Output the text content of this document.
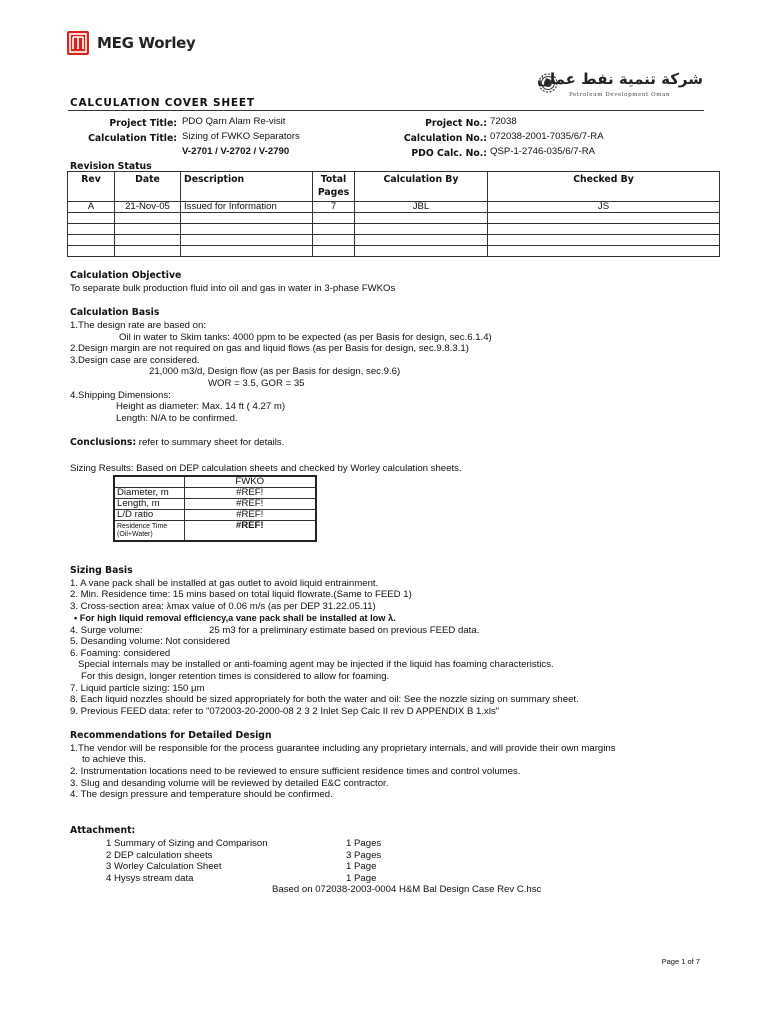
MEG Worley
شركة تنمية نفط عمان
Petroleum Development Oman
CALCULATION COVER SHEET
Project Title: PDO Qarn Alam Re-visit
Calculation Title: Sizing of FWKO Separators
V-2701 / V-2702 / V-2790
Project No.: 72038
Calculation No.: 072038-2001-7035/6/7-RA
PDO Calc. No.: QSP-1-2746-035/6/7-RA
Revision Status
Rev	Date	Description	Total Pages	Calculation By	Checked By
A	21-Nov-05	Issued for Information	7	JBL	JS

Calculation Objective
To separate bulk production fluid into oil and gas in water in 3-phase FWKOs
Calculation Basis
1.The design rate are based on:
Oil in water to Skim tanks: 4000 ppm to be expected (as per Basis for design, sec.6.1.4)
2.Design margin are not required on gas and liquid flows (as per Basis for design, sec.9.8.3.1)
3.Design case are considered.
21,000 m3/d, Design flow (as per Basis for design, sec.9.6)
WOR = 3.5, GOR = 35
4.Shipping Dimensions:
Height as diameter: Max. 14 ft ( 4.27 m)
Length: N/A to be confirmed.
Conclusions: refer to summary sheet for details.
Sizing Results: Based on DEP calculation sheets and checked by Worley calculation sheets.
	FWKO
Diameter, m	#REF!
Length, m	#REF!
L/D ratio	#REF!
Residence Time
(Oil+Water)	#REF!
Sizing Basis
1. A vane pack shall be installed at gas outlet to avoid liquid entrainment.
2. Min. Residence time: 15 mins based on total liquid flowrate.(Same to FEED 1)
3. Cross-section area: λmax value of 0.06 m/s (as per DEP 31.22.05.11)
• For high liquid removal efficiency,a vane pack shall be installed at low λ.
4. Surge volume:	25 m3 for a preliminary estimate based on previous FEED data.
5. Desanding volume: Not considered
6. Foaming: considered
Special internals may be installed or anti-foaming agent may be injected if the liquid has foaming characteristics.
For this design, longer retention times is considered to allow for foaming.
7. Liquid particle sizing: 150 μm
8. Each liquid nozzles should be sized appropriately for both the water and oil: See the nozzle sizing on summary sheet.
9. Previous FEED data: refer to "072003-20-2000-08 2 3 2 Inlet Sep Calc II rev D APPENDIX B 1.xls"
Recommendations for Detailed Design
1.The vendor will be responsible for the process guarantee including any proprietary internals, and will provide their own margins
to achieve this.
2. Instrumentation locations need to be reviewed to ensure sufficient residence times and control volumes.
3. Slug and desanding volume will be reviewed by detailed E&C contractor.
4. The design pressure and temperature should be confirmed.
Attachment:
1 Summary of Sizing and Comparison	1 Pages
2 DEP calculation sheets	3 Pages
3 Worley Calculation Sheet	1 Page
4 Hysys stream data	1 Page
Based on 072038-2003-0004 H&M Bal Design Case Rev C.hsc
Page 1 of 7
